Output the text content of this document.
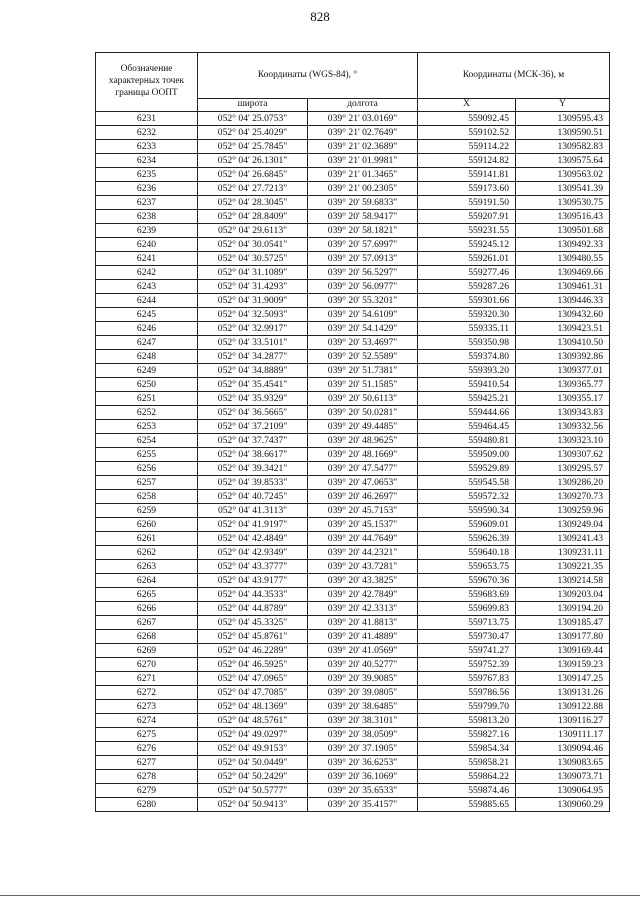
828
Обозначение характерных точек границы ООПТ	Координаты (WGS-84), °		Координаты (МСК-36), м	
	широта	долгота	X	Y
6231	052° 04' 25.0753"	039° 21' 03.0169"	559092.45	1309595.43
6232	052° 04' 25.4029"	039° 21' 02.7649"	559102.52	1309590.51
6233	052° 04' 25.7845"	039° 21' 02.3689"	559114.22	1309582.83
6234	052° 04' 26.1301"	039° 21' 01.9981"	559124.82	1309575.64
6235	052° 04' 26.6845"	039° 21' 01.3465"	559141.81	1309563.02
6236	052° 04' 27.7213"	039° 21' 00.2305"	559173.60	1309541.39
6237	052° 04' 28.3045"	039° 20' 59.6833"	559191.50	1309530.75
6238	052° 04' 28.8409"	039° 20' 58.9417"	559207.91	1309516.43
6239	052° 04' 29.6113"	039° 20' 58.1821"	559231.55	1309501.68
6240	052° 04' 30.0541"	039° 20' 57.6997"	559245.12	1309492.33
6241	052° 04' 30.5725"	039° 20' 57.0913"	559261.01	1309480.55
6242	052° 04' 31.1089"	039° 20' 56.5297"	559277.46	1309469.66
6243	052° 04' 31.4293"	039° 20' 56.0977"	559287.26	1309461.31
6244	052° 04' 31.9009"	039° 20' 55.3201"	559301.66	1309446.33
6245	052° 04' 32.5093"	039° 20' 54.6109"	559320.30	1309432.60
6246	052° 04' 32.9917"	039° 20' 54.1429"	559335.11	1309423.51
6247	052° 04' 33.5101"	039° 20' 53.4697"	559350.98	1309410.50
6248	052° 04' 34.2877"	039° 20' 52.5589"	559374.80	1309392.86
6249	052° 04' 34.8889"	039° 20' 51.7381"	559393.20	1309377.01
6250	052° 04' 35.4541"	039° 20' 51.1585"	559410.54	1309365.77
6251	052° 04' 35.9329"	039° 20' 50.6113"	559425.21	1309355.17
6252	052° 04' 36.5665"	039° 20' 50.0281"	559444.66	1309343.83
6253	052° 04' 37.2109"	039° 20' 49.4485"	559464.45	1309332.56
6254	052° 04' 37.7437"	039° 20' 48.9625"	559480.81	1309323.10
6255	052° 04' 38.6617"	039° 20' 48.1669"	559509.00	1309307.62
6256	052° 04' 39.3421"	039° 20' 47.5477"	559529.89	1309295.57
6257	052° 04' 39.8533"	039° 20' 47.0653"	559545.58	1309286.20
6258	052° 04' 40.7245"	039° 20' 46.2697"	559572.32	1309270.73
6259	052° 04' 41.3113"	039° 20' 45.7153"	559590.34	1309259.96
6260	052° 04' 41.9197"	039° 20' 45.1537"	559609.01	1309249.04
6261	052° 04' 42.4849"	039° 20' 44.7649"	559626.39	1309241.43
6262	052° 04' 42.9349"	039° 20' 44.2321"	559640.18	1309231.11
6263	052° 04' 43.3777"	039° 20' 43.7281"	559653.75	1309221.35
6264	052° 04' 43.9177"	039° 20' 43.3825"	559670.36	1309214.58
6265	052° 04' 44.3533"	039° 20' 42.7849"	559683.69	1309203.04
6266	052° 04' 44.8789"	039° 20' 42.3313"	559699.83	1309194.20
6267	052° 04' 45.3325"	039° 20' 41.8813"	559713.75	1309185.47
6268	052° 04' 45.8761"	039° 20' 41.4889"	559730.47	1309177.80
6269	052° 04' 46.2289"	039° 20' 41.0569"	559741.27	1309169.44
6270	052° 04' 46.5925"	039° 20' 40.5277"	559752.39	1309159.23
6271	052° 04' 47.0965"	039° 20' 39.9085"	559767.83	1309147.25
6272	052° 04' 47.7085"	039° 20' 39.0805"	559786.56	1309131.26
6273	052° 04' 48.1369"	039° 20' 38.6485"	559799.70	1309122.88
6274	052° 04' 48.5761"	039° 20' 38.3101"	559813.20	1309116.27
6275	052° 04' 49.0297"	039° 20' 38.0509"	559827.16	1309111.17
6276	052° 04' 49.9153"	039° 20' 37.1905"	559854.34	1309094.46
6277	052° 04' 50.0449"	039° 20' 36.6253"	559858.21	1309083.65
6278	052° 04' 50.2429"	039° 20' 36.1069"	559864.22	1309073.71
6279	052° 04' 50.5777"	039° 20' 35.6533"	559874.46	1309064.95
6280	052° 04' 50.9413"	039° 20' 35.4157"	559885.65	1309060.29
